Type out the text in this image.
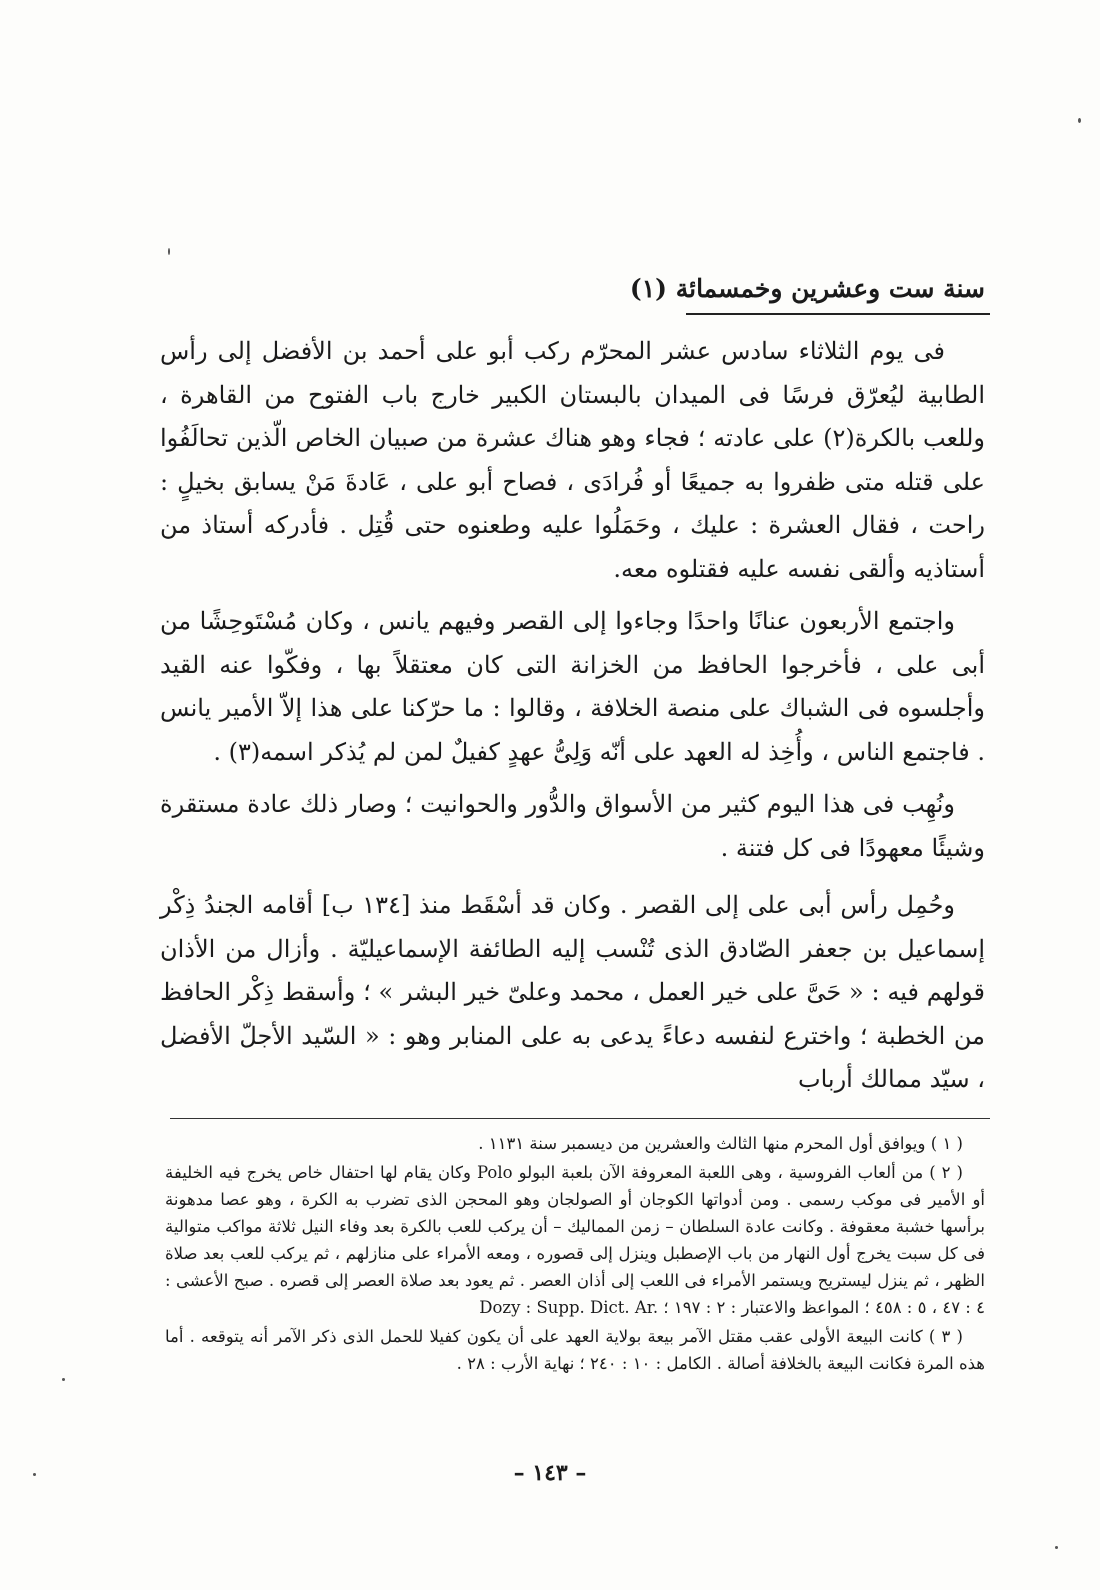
سنة ست وعشرين وخمسمائة (١)

فى يوم الثلاثاء سادس عشر المحرّم ركب أبو على أحمد بن الأفضل إلى رأس الطابية ليُعرّق فرسًا فى الميدان بالبستان الكبير خارج باب الفتوح من القاهرة ، وللعب بالكرة(٢) على عادته ؛ فجاء وهو هناك عشرة من صبيان الخاص الّذين تحالَفُوا على قتله متى ظفروا به جميعًا أو فُرادَى ، فصاح أبو على ، عَادةَ مَنْ يسابق بخيلٍ : راحت ، فقال العشرة : عليك ، وحَمَلُوا عليه وطعنوه حتى قُتِل . فأدركه أستاذ من أستاذيه وألقى نفسه عليه فقتلوه معه.

واجتمع الأربعون عنانًا واحدًا وجاءوا إلى القصر وفيهم يانس ، وكان مُسْتَوحِشًا من أبى على ، فأخرجوا الحافظ من الخزانة التى كان معتقلاً بها ، وفكّوا عنه القيد وأجلسوه فى الشباك على منصة الخلافة ، وقالوا : ما حرّكنا على هذا إلاّ الأمير يانس . فاجتمع الناس ، وأُخِذ له العهد على أنّه وَلِىُّ عهدٍ كفيلٌ لمن لم يُذكر اسمه(٣) .

ونُهِب فى هذا اليوم كثير من الأسواق والدُّور والحوانيت ؛ وصار ذلك عادة مستقرة وشيئًا معهودًا فى كل فتنة .

وحُمِل رأس أبى على إلى القصر . وكان قد أسْقَط منذ [١٣٤ ب] أقامه الجندُ ذِكْر إسماعيل بن جعفر الصّادق الذى تُنْسب إليه الطائفة الإسماعيليّة . وأزال من الأذان قولهم فيه : « حَىَّ على خير العمل ، محمد وعلىّ خير البشر » ؛ وأسقط ذِكْر الحافظ من الخطبة ؛ واخترع لنفسه دعاءً يدعى به على المنابر وهو : « السّيد الأجلّ الأفضل ، سيّد ممالك أرباب

( ١ ) ويوافق أول المحرم منها الثالث والعشرين من ديسمبر سنة ١١٣١ .

( ٢ ) من ألعاب الفروسية ، وهى اللعبة المعروفة الآن بلعبة البولو Polo وكان يقام لها احتفال خاص يخرج فيه الخليفة أو الأمير فى موكب رسمى . ومن أدواتها الكوجان أو الصولجان وهو المحجن الذى تضرب به الكرة ، وهو عصا مدهونة برأسها خشبة معقوفة . وكانت عادة السلطان – زمن المماليك – أن يركب للعب بالكرة بعد وفاء النيل ثلاثة مواكب متوالية فى كل سبت يخرج أول النهار من باب الإصطبل وينزل إلى قصوره ، ومعه الأمراء على منازلهم ، ثم يركب للعب بعد صلاة الظهر ، ثم ينزل ليستريح ويستمر الأمراء فى اللعب إلى أذان العصر . ثم يعود بعد صلاة العصر إلى قصره . صبح الأعشى : ٤ : ٤٧ ، ٥ : ٤٥٨ ؛ المواعظ والاعتبار : ٢ : ١٩٧ ؛ Dozy : Supp. Dict. Ar.

( ٣ ) كانت البيعة الأولى عقب مقتل الآمر بيعة بولاية العهد على أن يكون كفيلا للحمل الذى ذكر الآمر أنه يتوقعه . أما هذه المرة فكانت البيعة بالخلافة أصالة . الكامل : ١٠ : ٢٤٠ ؛ نهاية الأرب : ٢٨ .

– ١٤٣ –
